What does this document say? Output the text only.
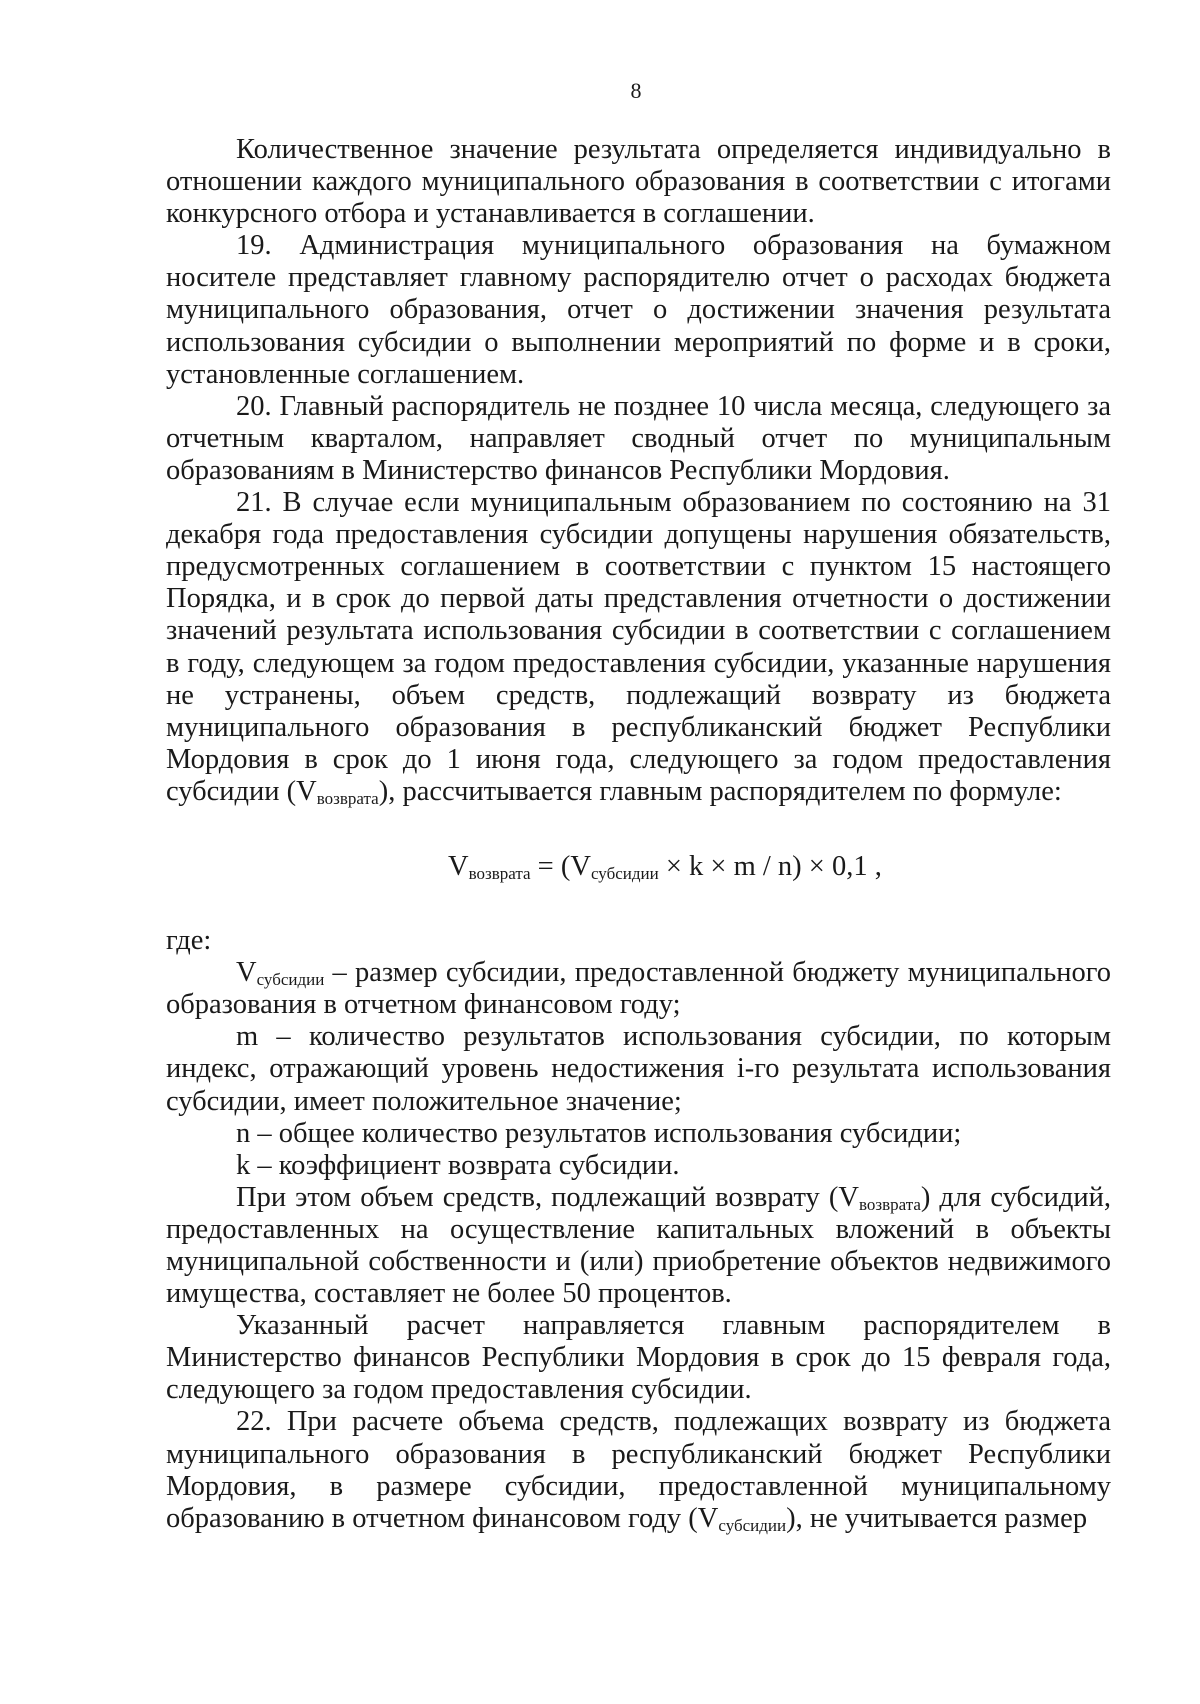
8

Количественное значение результата определяется индивидуально в отношении каждого муниципального образования в соответствии с итогами конкурсного отбора и устанавливается в соглашении.

19. Администрация муниципального образования на бумажном носителе представляет главному распорядителю отчет о расходах бюджета муниципального образования, отчет о достижении значения результата использования субсидии о выполнении мероприятий по форме и в сроки, установленные соглашением.

20. Главный распорядитель не позднее 10 числа месяца, следующего за отчетным кварталом, направляет сводный отчет по муниципальным образованиям в Министерство финансов Республики Мордовия.

21. В случае если муниципальным образованием по состоянию на 31 декабря года предоставления субсидии допущены нарушения обязательств, предусмотренных соглашением в соответствии с пунктом 15 настоящего Порядка, и в срок до первой даты представления отчетности о достижении значений результата использования субсидии в соответствии с соглашением в году, следующем за годом предоставления субсидии, указанные нарушения не устранены, объем средств, подлежащий возврату из бюджета муниципального образования в республиканский бюджет Республики Мордовия в срок до 1 июня года, следующего за годом предоставления субсидии $(V_{возврата})$, рассчитывается главным распорядителем по формуле:

$V_{возврата} = (V_{субсидии} \times k \times m / n) \times 0,1$ ,

где:

$V_{субсидии}$ – размер субсидии, предоставленной бюджету муниципального образования в отчетном финансовом году;

m – количество результатов использования субсидии, по которым индекс, отражающий уровень недостижения i-го результата использования субсидии, имеет положительное значение;

n – общее количество результатов использования субсидии;

k – коэффициент возврата субсидии.

При этом объем средств, подлежащий возврату $(V_{возврата})$ для субсидий, предоставленных на осуществление капитальных вложений в объекты муниципальной собственности и (или) приобретение объектов недвижимого имущества, составляет не более 50 процентов.

Указанный расчет направляется главным распорядителем в Министерство финансов Республики Мордовия в срок до 15 февраля года, следующего за годом предоставления субсидии.

22. При расчете объема средств, подлежащих возврату из бюджета муниципального образования в республиканский бюджет Республики Мордовия, в размере субсидии, предоставленной муниципальному образованию в отчетном финансовом году $(V_{субсидии})$, не учитывается размер
